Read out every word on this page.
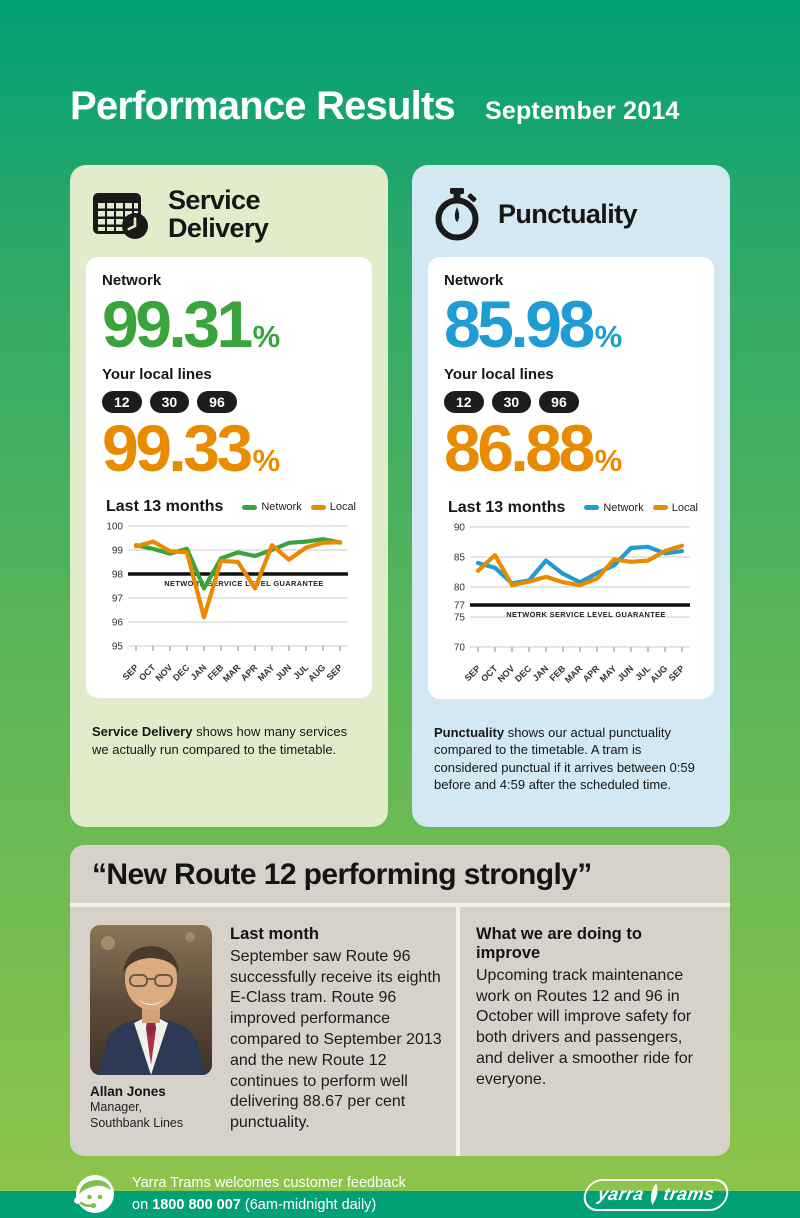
Performance Results September 2014
Service
Delivery
Network
99.31%
Your local lines
12	30	96
99.33%
Last 13 months	Network	Local
100
99
98
97
96
95
NETWORK SERVICE LEVEL GUARANTEE
SEP
OCT
NOV
DEC
JAN
FEB
MAR
APR
MAY
JUN
JUL
AUG
SEP

Service Delivery shows how many services we actually run compared to the timetable.

Punctuality
Network
85.98%
Your local lines
12	30	96
86.88%
Last 13 months	Network	Local
90
85
80
77
75
70
NETWORK SERVICE LEVEL GUARANTEE
SEP
OCT
NOV
DEC
JAN
FEB
MAR
APR
MAY
JUN
JUL
AUG
SEP

Punctuality shows our actual punctuality compared to the timetable. A tram is considered punctual if it arrives between 0:59 before and 4:59 after the scheduled time.

“New Route 12 performing strongly”
Allan Jones
Manager,
Southbank Lines
Last month
September saw Route 96 successfully receive its eighth E-Class tram. Route 96 improved performance compared to September 2013 and the new Route 12 continues to perform well delivering 88.67 per cent punctuality.
What we are doing to improve
Upcoming track maintenance work on Routes 12 and 96 in October will improve safety for both drivers and passengers, and deliver a smoother ride for everyone.
Yarra Trams welcomes customer feedback
on 1800 800 007 (6am-midnight daily)
yarra trams
